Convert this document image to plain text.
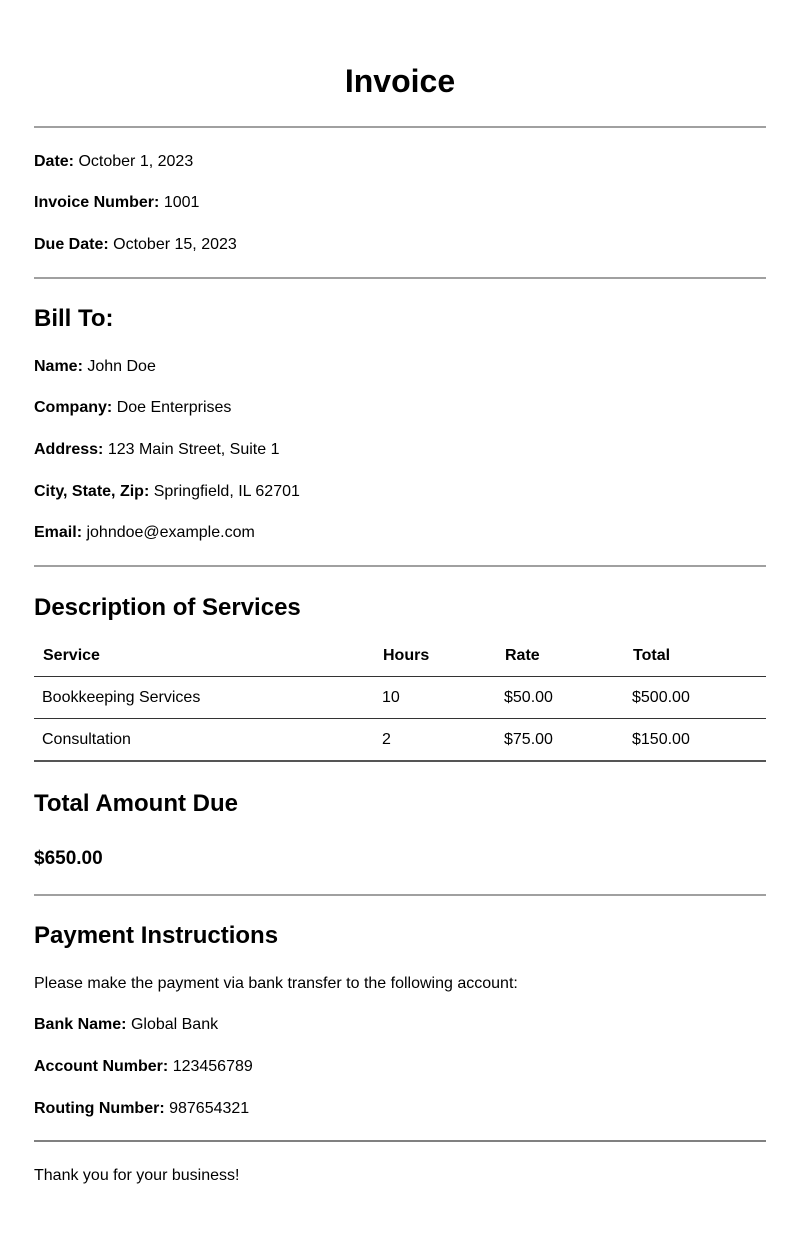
Invoice
Date: October 1, 2023
Invoice Number: 1001
Due Date: October 15, 2023
Bill To:
Name: John Doe
Company: Doe Enterprises
Address: 123 Main Street, Suite 1
City, State, Zip: Springfield, IL 62701
Email: johndoe@example.com
Description of Services
Service	Hours	Rate	Total
Bookkeeping Services	10	$50.00	$500.00
Consultation	2	$75.00	$150.00
Total Amount Due
$650.00
Payment Instructions
Please make the payment via bank transfer to the following account:
Bank Name: Global Bank
Account Number: 123456789
Routing Number: 987654321
Thank you for your business!
